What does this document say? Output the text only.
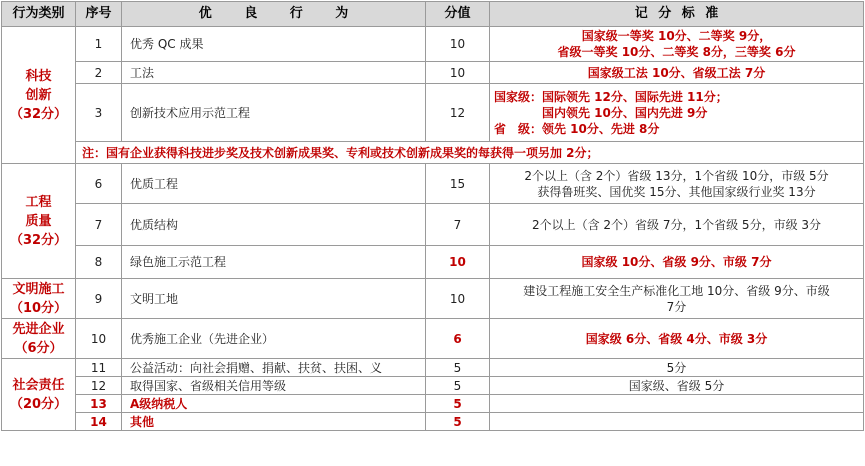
行为类别	序号	优 良 行 为	分值	记 分 标 准

科技
创新
（32分）	1	优秀 QC 成果	10	国家级一等奖 10分、二等奖 9分，
省级一等奖 10分、二等奖 8分，三等奖 6分

	2	工法	10	国家级工法 10分、省级工法 7分

	3	创新技术应用示范工程	12	国家级：国际领先 12分、国际先进 11分；
国内领先 10分、国内先进 9分
省　级：领先 10分、先进 8分

	注：国有企业获得科技进步奖及技术创新成果奖、专利或技术创新成果奖的每获得一项另加 2分；			

工程
质量
（32分）	6	优质工程	15	2个以上（含 2个）省级 13分，1个省级 10分，市级 5分
获得鲁班奖、国优奖 15分、其他国家级行业奖 13分

	7	优质结构	7	2个以上（含 2个）省级 7分，1个省级 5分，市级 3分

	8	绿色施工示范工程	10	国家级 10分、省级 9分、市级 7分

文明施工
（10分）	9	文明工地	10	建设工程施工安全生产标准化工地 10分、省级 9分、市级
7分

先进企业
（6分）	10	优秀施工企业（先进企业）	6	国家级 6分、省级 4分、市级 3分

社会责任
（20分）	11	公益活动：向社会捐赠、捐献、扶贫、扶困、义	5	5分
	12	取得国家、省级相关信用等级	5	国家级、省级 5分
	13	A级纳税人	5	
	14	其他	5	
